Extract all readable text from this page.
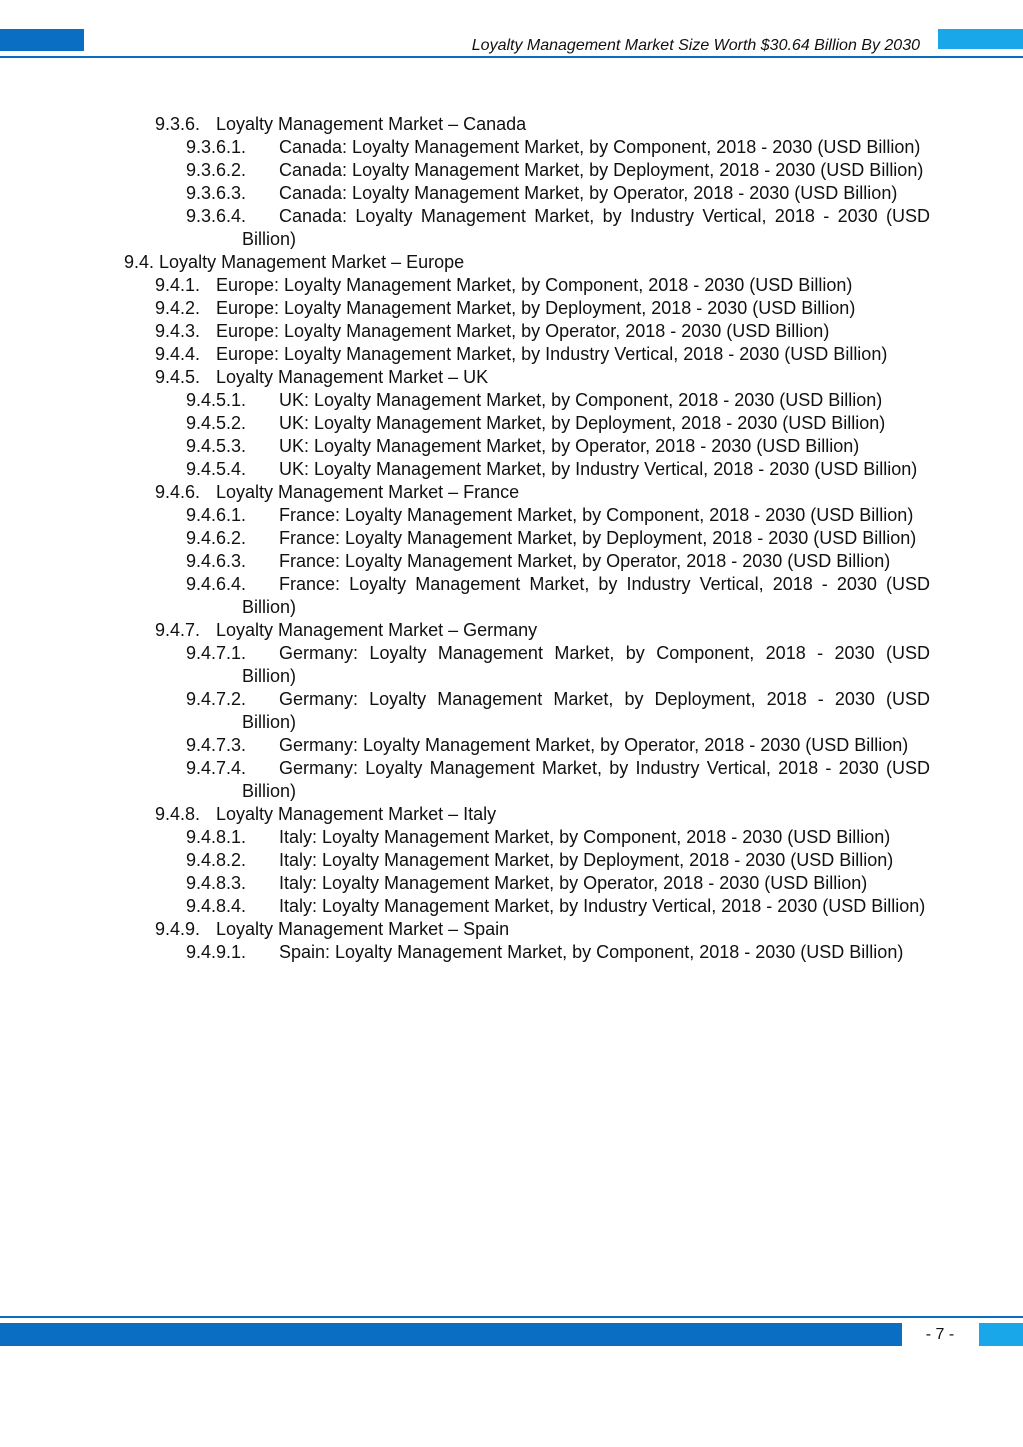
Loyalty Management Market Size Worth $30.64 Billion By 2030
9.3.6. Loyalty Management Market – Canada
9.3.6.1. Canada: Loyalty Management Market, by Component, 2018 - 2030 (USD Billion)
9.3.6.2. Canada: Loyalty Management Market, by Deployment, 2018 - 2030 (USD Billion)
9.3.6.3. Canada: Loyalty Management Market, by Operator, 2018 - 2030 (USD Billion)
9.3.6.4. Canada: Loyalty Management Market, by Industry Vertical, 2018 - 2030 (USD Billion)
9.4. Loyalty Management Market – Europe
9.4.1. Europe: Loyalty Management Market, by Component, 2018 - 2030 (USD Billion)
9.4.2. Europe: Loyalty Management Market, by Deployment, 2018 - 2030 (USD Billion)
9.4.3. Europe: Loyalty Management Market, by Operator, 2018 - 2030 (USD Billion)
9.4.4. Europe: Loyalty Management Market, by Industry Vertical, 2018 - 2030 (USD Billion)
9.4.5. Loyalty Management Market – UK
9.4.5.1. UK: Loyalty Management Market, by Component, 2018 - 2030 (USD Billion)
9.4.5.2. UK: Loyalty Management Market, by Deployment, 2018 - 2030 (USD Billion)
9.4.5.3. UK: Loyalty Management Market, by Operator, 2018 - 2030 (USD Billion)
9.4.5.4. UK: Loyalty Management Market, by Industry Vertical, 2018 - 2030 (USD Billion)
9.4.6. Loyalty Management Market – France
9.4.6.1. France: Loyalty Management Market, by Component, 2018 - 2030 (USD Billion)
9.4.6.2. France: Loyalty Management Market, by Deployment, 2018 - 2030 (USD Billion)
9.4.6.3. France: Loyalty Management Market, by Operator, 2018 - 2030 (USD Billion)
9.4.6.4. France: Loyalty Management Market, by Industry Vertical, 2018 - 2030 (USD Billion)
9.4.7. Loyalty Management Market – Germany
9.4.7.1. Germany: Loyalty Management Market, by Component, 2018 - 2030 (USD Billion)
9.4.7.2. Germany: Loyalty Management Market, by Deployment, 2018 - 2030 (USD Billion)
9.4.7.3. Germany: Loyalty Management Market, by Operator, 2018 - 2030 (USD Billion)
9.4.7.4. Germany: Loyalty Management Market, by Industry Vertical, 2018 - 2030 (USD Billion)
9.4.8. Loyalty Management Market – Italy
9.4.8.1. Italy: Loyalty Management Market, by Component, 2018 - 2030 (USD Billion)
9.4.8.2. Italy: Loyalty Management Market, by Deployment, 2018 - 2030 (USD Billion)
9.4.8.3. Italy: Loyalty Management Market, by Operator, 2018 - 2030 (USD Billion)
9.4.8.4. Italy: Loyalty Management Market, by Industry Vertical, 2018 - 2030 (USD Billion)
9.4.9. Loyalty Management Market – Spain
9.4.9.1. Spain: Loyalty Management Market, by Component, 2018 - 2030 (USD Billion)
- 7 -
